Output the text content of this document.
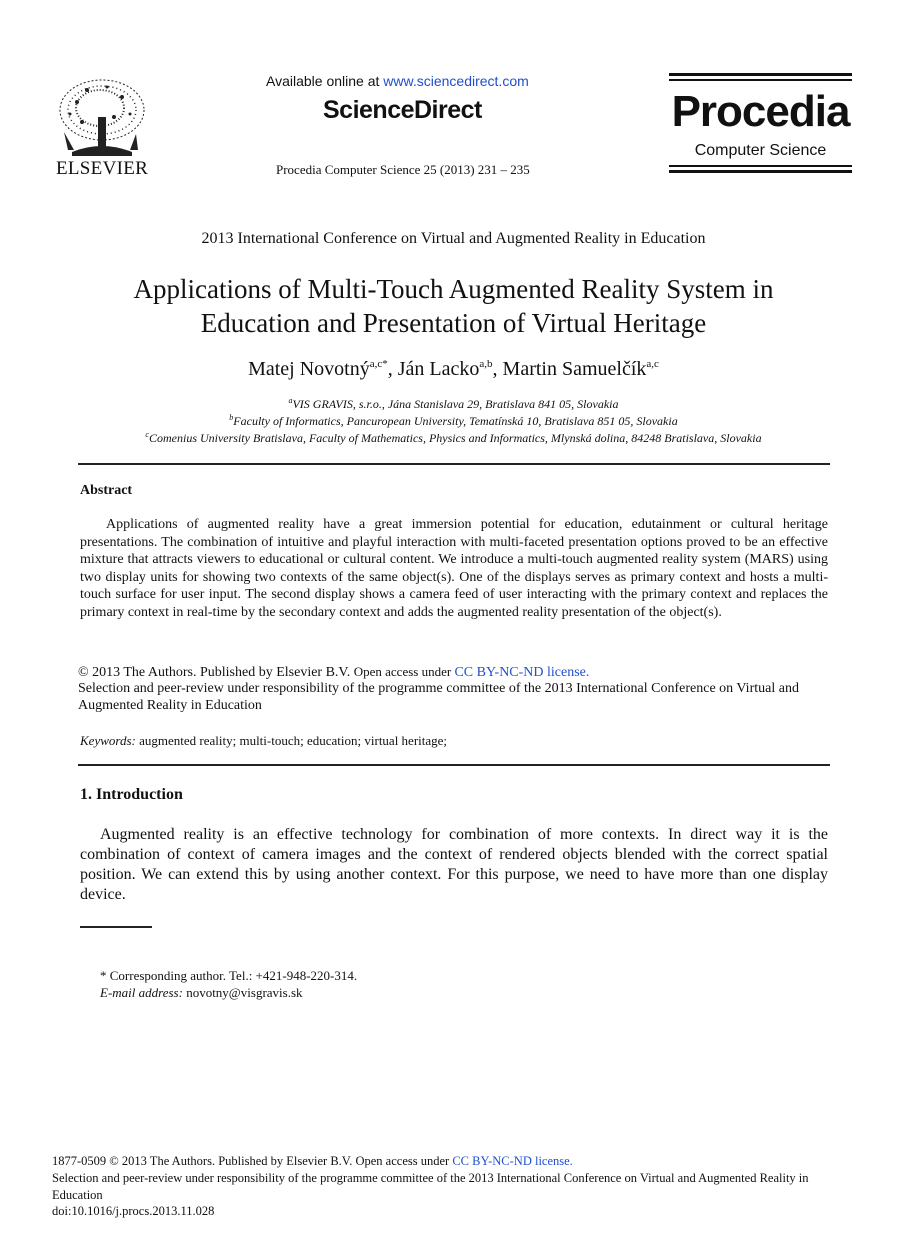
ELSEVIER
Available online at www.sciencedirect.com
ScienceDirect
Procedia Computer Science 25 (2013) 231 – 235
Procedia
Computer Science
2013 International Conference on Virtual and Augmented Reality in Education
Applications of Multi-Touch Augmented Reality System in
Education and Presentation of Virtual Heritage
Matej Novotný$^{a,c*}$, Ján Lacko$^{a,b}$, Martin Samuelčík$^{a,c}$
$^a$VIS GRAVIS, s.r.o., Jána Stanislava 29, Bratislava 841 05, Slovakia
$^b$Faculty of Informatics, Pancuropean University, Tematínská 10, Bratislava 851 05, Slovakia
$^c$Comenius University Bratislava, Faculty of Mathematics, Physics and Informatics, Mlynská dolina, 84248 Bratislava, Slovakia
Abstract
Applications of augmented reality have a great immersion potential for education, edutainment or cultural heritage presentations. The combination of intuitive and playful interaction with multi-faceted presentation options proved to be an effective mixture that attracts viewers to educational or cultural content. We introduce a multi-touch augmented reality system (MARS) using two display units for showing two contexts of the same object(s). One of the displays serves as primary context and hosts a multi-touch surface for user input. The second display shows a camera feed of user interacting with the primary context and replaces the primary context in real-time by the secondary context and adds the augmented reality presentation of the object(s).
© 2013 The Authors. Published by Elsevier B.V. Open access under CC BY-NC-ND license.
Selection and peer-review under responsibility of the programme committee of the 2013 International Conference on Virtual and Augmented Reality in Education
Keywords: augmented reality; multi-touch; education; virtual heritage;
1. Introduction
Augmented reality is an effective technology for combination of more contexts. In direct way it is the combination of context of camera images and the context of rendered objects blended with the correct spatial position. We can extend this by using another context. For this purpose, we need to have more than one display device.
* Corresponding author. Tel.: +421-948-220-314.
E-mail address: novotny@visgravis.sk
1877-0509 © 2013 The Authors. Published by Elsevier B.V. Open access under CC BY-NC-ND license.
Selection and peer-review under responsibility of the programme committee of the 2013 International Conference on Virtual and Augmented Reality in Education
doi:10.1016/j.procs.2013.11.028
